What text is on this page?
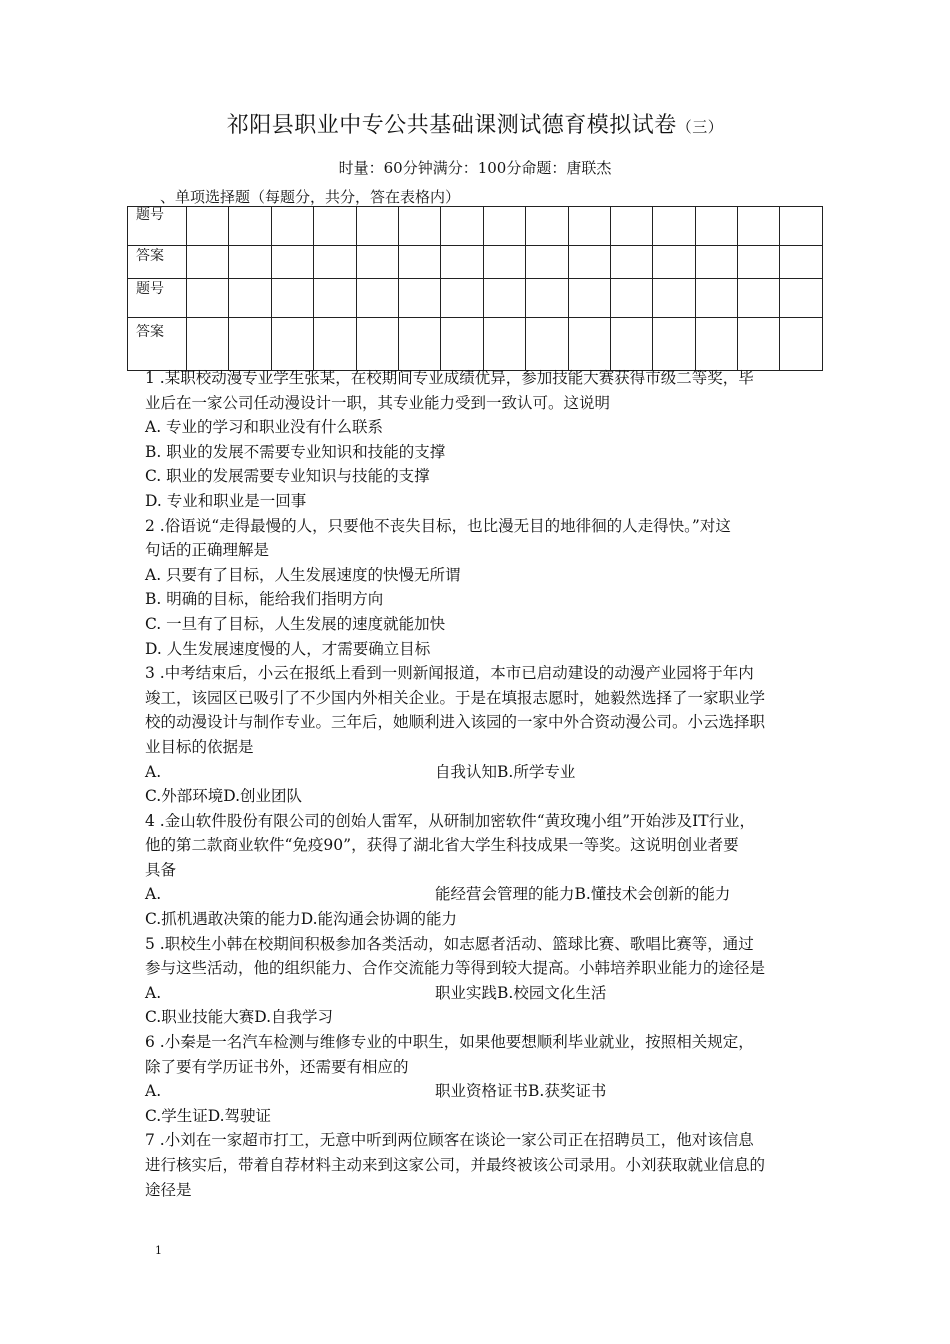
祁阳县职业中专公共基础课测试德育模拟试卷（三）
时量：60分钟满分：100分命题：唐联杰
、单项选择题（每题分，共分，答在表格内）
题号															

答案															

题号															

答案															

1 .某职校动漫专业学生张某，在校期间专业成绩优异，参加技能大赛获得市级二等奖，毕
业后在一家公司任动漫设计一职，其专业能力受到一致认可。这说明
A. 专业的学习和职业没有什么联系
B. 职业的发展不需要专业知识和技能的支撑
C. 职业的发展需要专业知识与技能的支撑
D. 专业和职业是一回事
2 .俗语说“走得最慢的人，只要他不丧失目标，也比漫无目的地徘徊的人走得快。”对这
句话的正确理解是
A. 只要有了目标，人生发展速度的快慢无所谓
B. 明确的目标，能给我们指明方向
C. 一旦有了目标，人生发展的速度就能加快
D. 人生发展速度慢的人，才需要确立目标
3 .中考结束后，小云在报纸上看到一则新闻报道，本市已启动建设的动漫产业园将于年内
竣工，该园区已吸引了不少国内外相关企业。于是在填报志愿时，她毅然选择了一家职业学
校的动漫设计与制作专业。三年后，她顺利进入该园的一家中外合资动漫公司。小云选择职
业目标的依据是
A.	自我认知B.所学专业
C.外部环境D.创业团队
4 .金山软件股份有限公司的创始人雷军，从研制加密软件“黄玫瑰小组”开始涉及IT行业，
他的第二款商业软件“免疫90”，获得了湖北省大学生科技成果一等奖。这说明创业者要
具备
A.	能经营会管理的能力B.懂技术会创新的能力
C.抓机遇敢决策的能力D.能沟通会协调的能力
5 .职校生小韩在校期间积极参加各类活动，如志愿者活动、篮球比赛、歌唱比赛等，通过
参与这些活动，他的组织能力、合作交流能力等得到较大提高。小韩培养职业能力的途径是
A.	职业实践B.校园文化生活
C.职业技能大赛D.自我学习
6 .小秦是一名汽车检测与维修专业的中职生，如果他要想顺利毕业就业，按照相关规定，
除了要有学历证书外，还需要有相应的
A.	职业资格证书B.获奖证书
C.学生证D.驾驶证
7 .小刘在一家超市打工，无意中听到两位顾客在谈论一家公司正在招聘员工，他对该信息
进行核实后，带着自荐材料主动来到这家公司，并最终被该公司录用。小刘获取就业信息的
途径是
1
